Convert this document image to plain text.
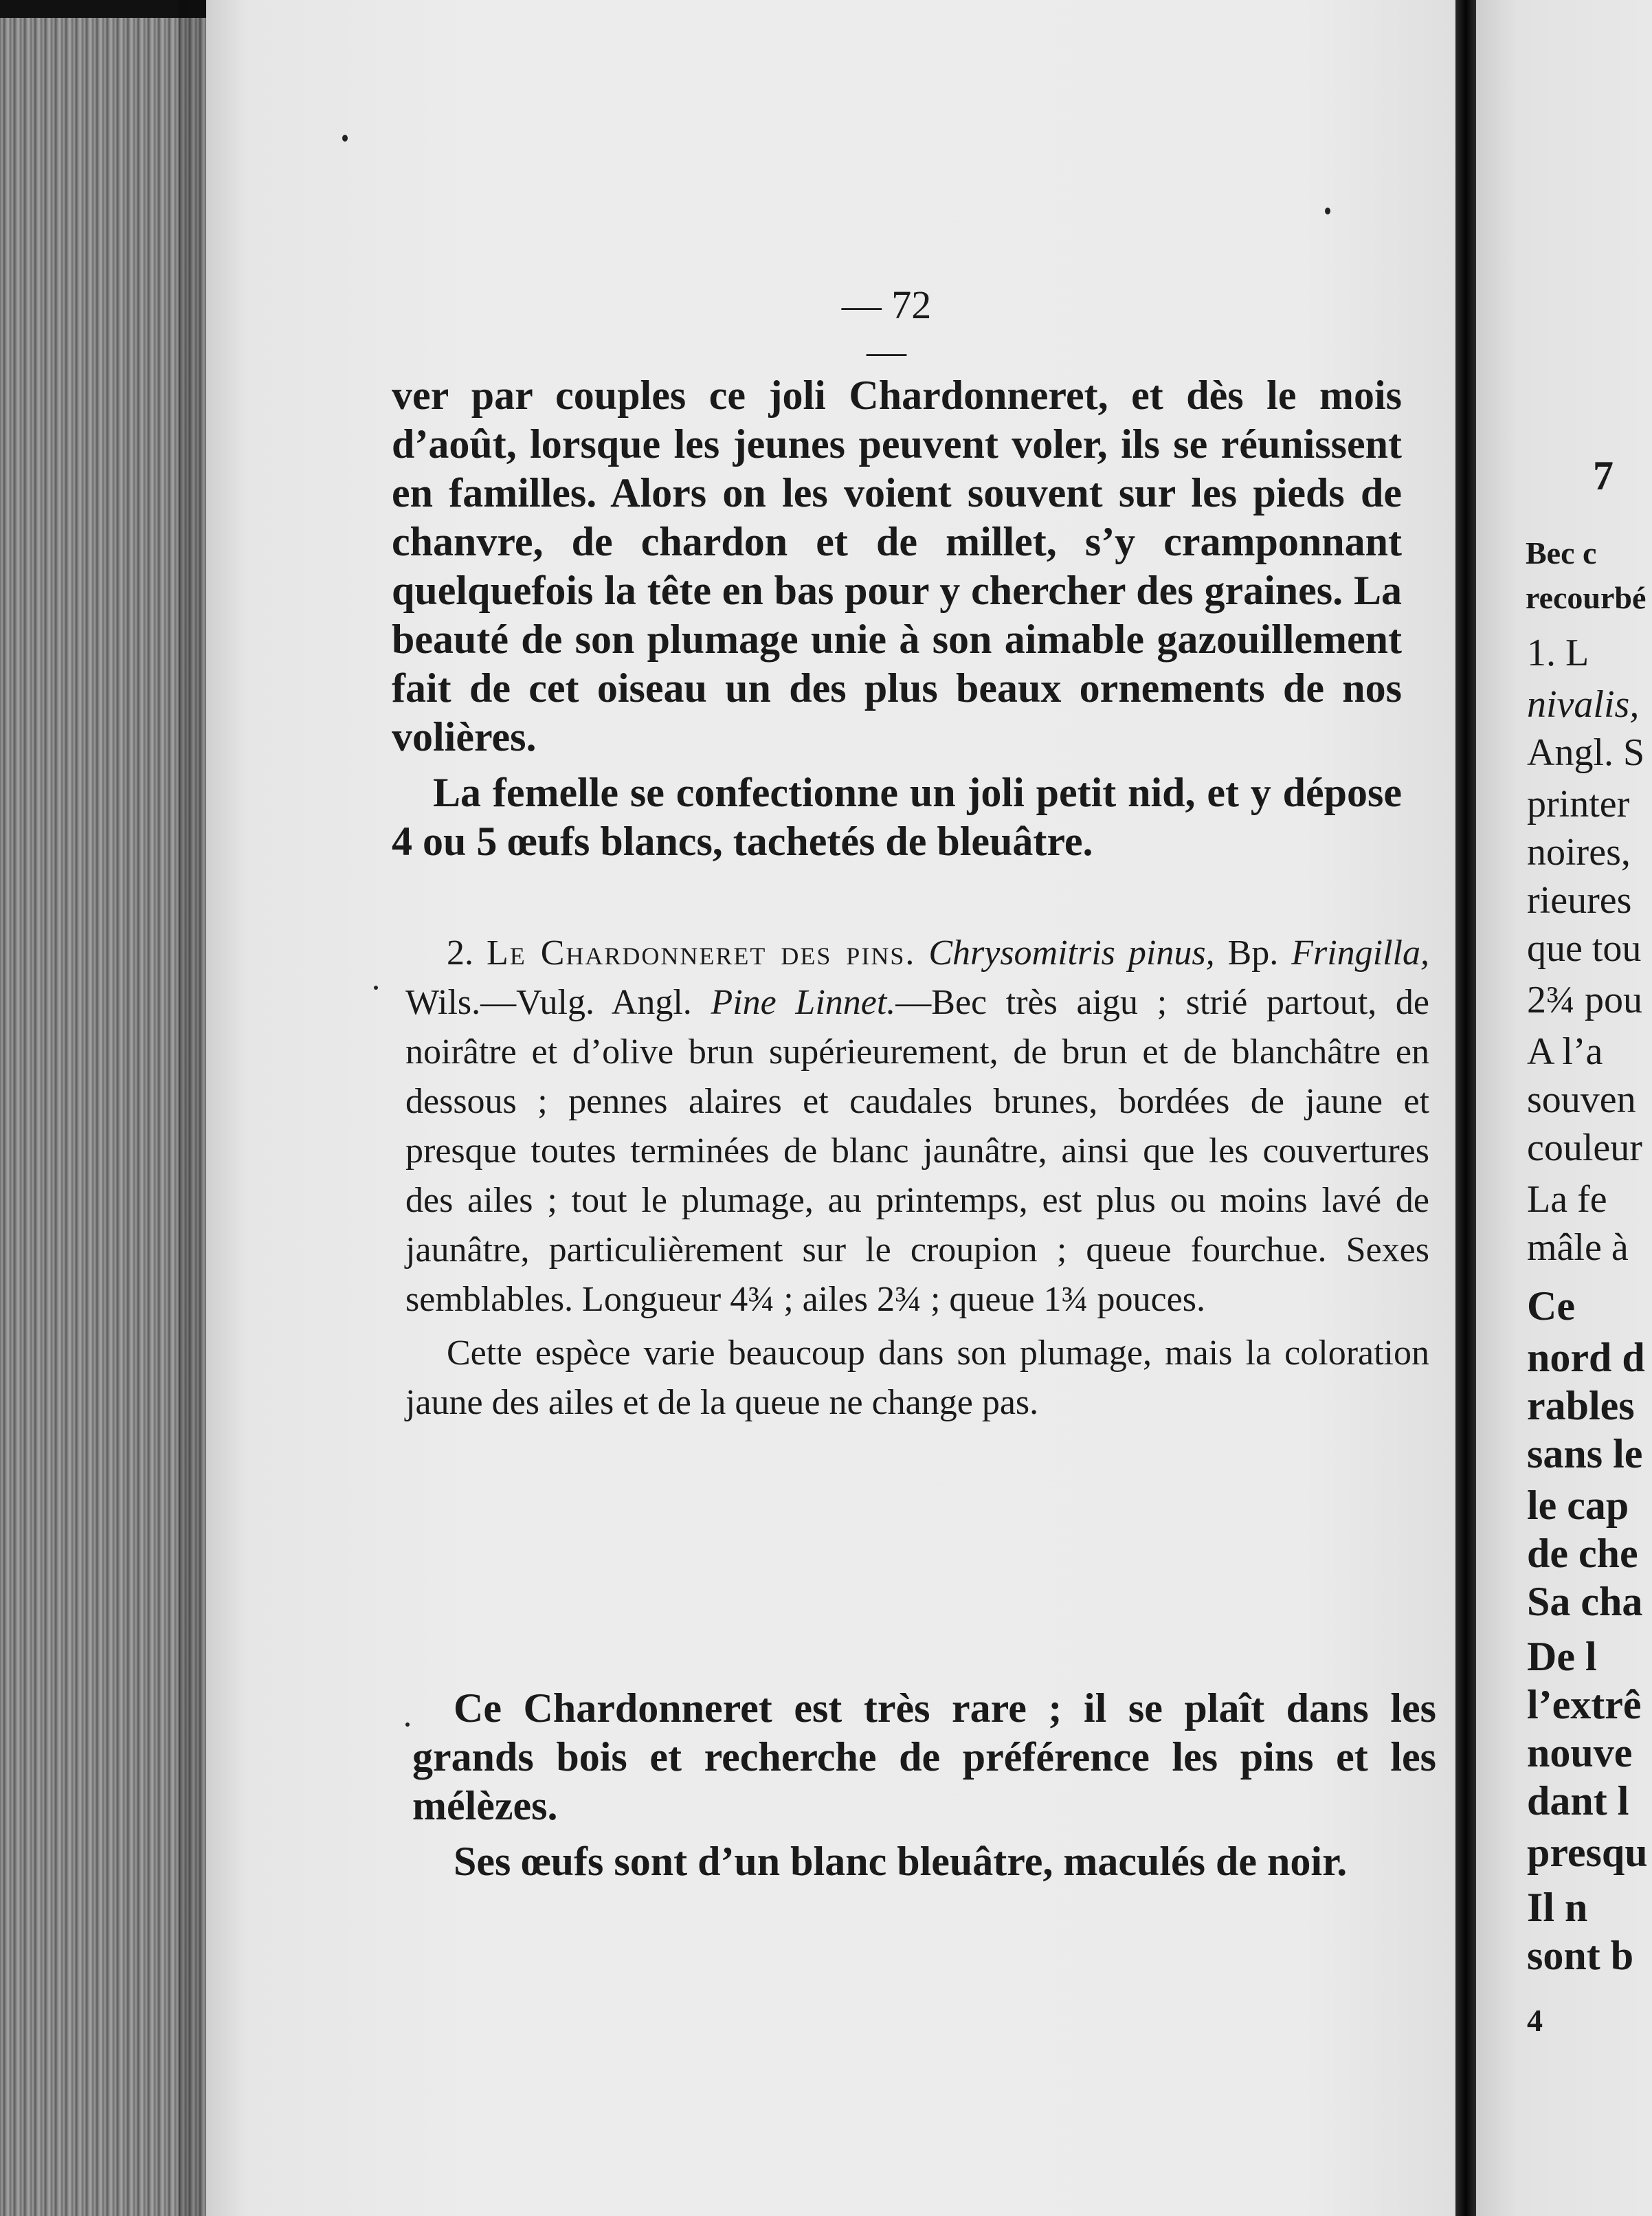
— 72 —

ver par couples ce joli Chardonneret, et dès le mois d’août, lorsque les jeunes peuvent voler, ils se réunissent en familles. Alors on les voient souvent sur les pieds de chanvre, de chardon et de millet, s’y cramponnant quelquefois la tête en bas pour y chercher des graines. La beauté de son plumage unie à son aimable gazouillement fait de cet oiseau un des plus beaux ornements de nos volières.

La femelle se confectionne un joli petit nid, et y dépose 4 ou 5 œufs blancs, tachetés de bleuâtre.

2. Le Chardonneret des pins. Chrysomitris pinus, Bp. Fringilla, Wils.—Vulg. Angl. Pine Linnet.—Bec très aigu ; strié partout, de noirâtre et d’olive brun supérieurement, de brun et de blanchâtre en dessous ; pennes alaires et caudales brunes, bordées de jaune et presque toutes terminées de blanc jaunâtre, ainsi que les couvertures des ailes ; tout le plumage, au printemps, est plus ou moins lavé de jaunâtre, particulièrement sur le croupion ; queue fourchue. Sexes semblables. Longueur 4¾ ; ailes 2¾ ; queue 1¾ pouces.

Cette espèce varie beaucoup dans son plumage, mais la coloration jaune des ailes et de la queue ne change pas.

Ce Chardonneret est très rare ; il se plaît dans les grands bois et recherche de préférence les pins et les mélèzes.

Ses œufs sont d’un blanc bleuâtre, maculés de noir.

7
Bec c
recourbé
1. L
nivalis,
Angl. S
printer
noires,
rieures
que tou
2¾ pou
A l’a
souven
couleur
La fe
mâle à
Ce
nord d
rables
sans le
le cap
de che
Sa cha
De l
l’extrê
nouve
dant l
presqu
Il n
sont b
4
